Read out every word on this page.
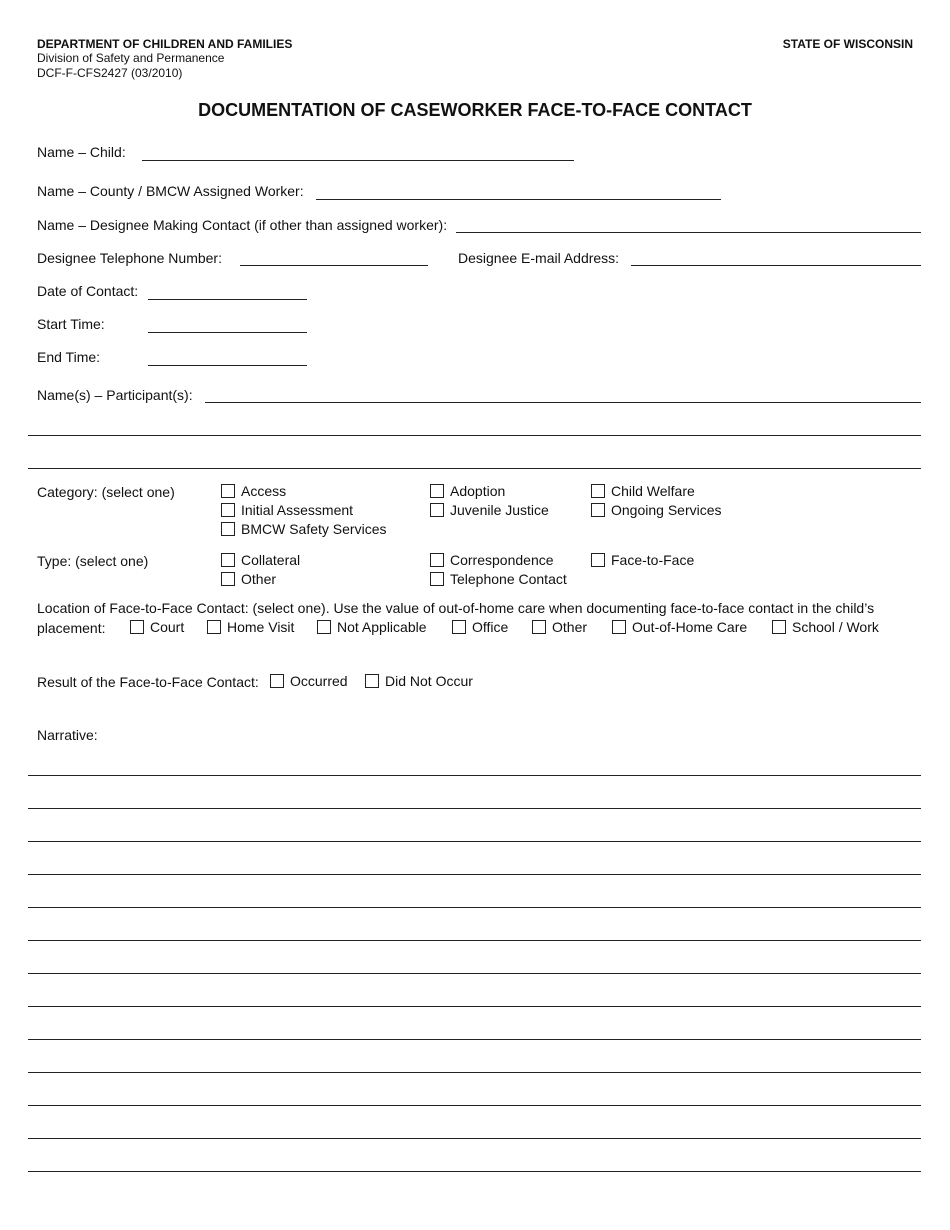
DEPARTMENT OF CHILDREN AND FAMILIES
Division of Safety and Permanence
DCF-F-CFS2427 (03/2010)
STATE OF WISCONSIN
DOCUMENTATION OF CASEWORKER FACE-TO-FACE CONTACT
Name – Child:
Name – County / BMCW Assigned Worker:
Name – Designee Making Contact (if other than assigned worker):
Designee Telephone Number:	Designee E-mail Address:
Date of Contact:
Start Time:
End Time:
Name(s) – Participant(s):
Category: (select one)	Access
Initial Assessment
BMCW Safety Services
Adoption
Juvenile Justice
Child Welfare
Ongoing Services
Type: (select one)	Collateral
Other
Correspondence
Telephone Contact
Face-to-Face
Location of Face-to-Face Contact: (select one). Use the value of out-of-home care when documenting face-to-face contact in the child’s
placement:	Court	Home Visit	Not Applicable	Office	Other	Out-of-Home Care	School / Work
Result of the Face-to-Face Contact: Occurred	Did Not Occur
Narrative:
